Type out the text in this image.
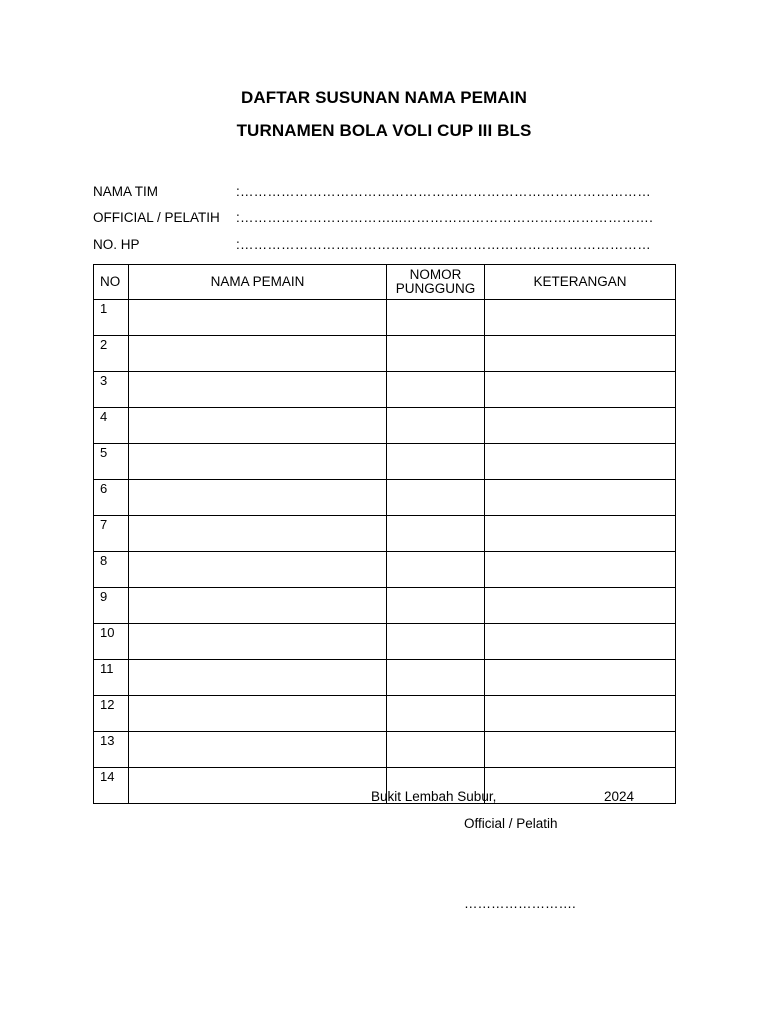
DAFTAR SUSUNAN NAMA PEMAIN
TURNAMEN BOLA VOLI CUP III BLS
NAMA TIM	:………………………………………………………………………………
OFFICIAL / PELATIH :……………………………...……………………………………………….
NO. HP	:………………………………………………………………………………
NO	NAMA PEMAIN	NOMOR PUNGGUNG	KETERANGAN
1			
2			
3			
4			
5			
6			
7			
8			
9			
10			
11			
12			
13			
14			
Bukit Lembah Subur,	2024
Official / Pelatih
…………………….
